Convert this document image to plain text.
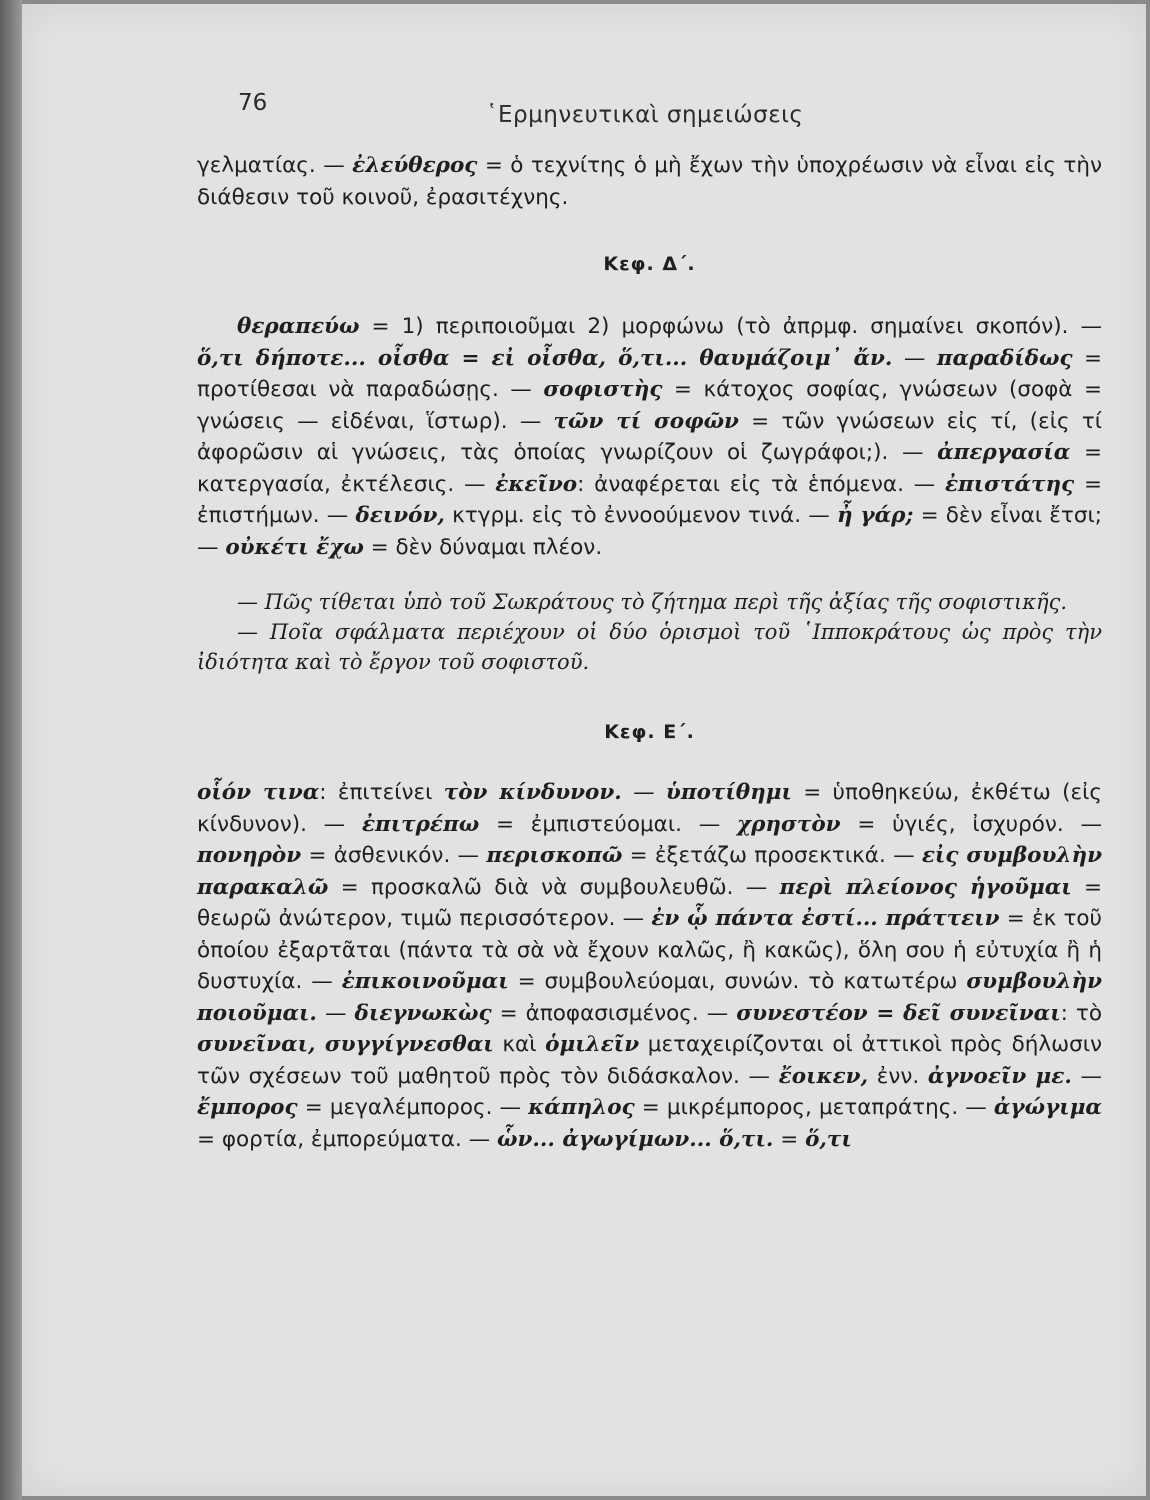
76	῾Ερμηνευτικαὶ σημειώσεις

γελματίας. — ἐλεύθερος = ὁ τεχνίτης ὁ μὴ ἔχων τὴν ὑποχρέωσιν νὰ εἶναι εἰς τὴν διάθεσιν τοῦ κοινοῦ, ἐρασιτέχνης.

Κεφ. Δ΄.

θεραπεύω = 1) περιποιοῦμαι 2) μορφώνω (τὸ ἀπρμφ. σημαίνει σκοπόν). — ὅ,τι δήποτε... οἶσθα = εἰ οἶσθα, ὅ,τι... θαυμάζοιμ᾽ ἄν. — παραδίδως = προτίθεσαι νὰ παραδώσῃς. — σοφιστὴς = κάτοχος σοφίας, γνώσεων (σοφὰ = γνώσεις — εἰδέναι, ἵστωρ). — τῶν τί σοφῶν = τῶν γνώσεων εἰς τί, (εἰς τί ἀφορῶσιν αἱ γνώσεις, τὰς ὁποίας γνωρίζουν οἱ ζωγράφοι;). — ἀπεργασία = κατεργασία, ἐκτέλεσις. — ἐκεῖνο: ἀναφέρεται εἰς τὰ ἑπόμενα. — ἐπιστάτης = ἐπιστήμων. — δεινόν, κτγρμ. εἰς τὸ ἐννοούμενον τινά. — ἦ γάρ; = δὲν εἶναι ἔτσι; — οὐκέτι ἔχω = δὲν δύναμαι πλέον.

— Πῶς τίθεται ὑπὸ τοῦ Σωκράτους τὸ ζήτημα περὶ τῆς ἀξίας τῆς σοφιστικῆς.

— Ποῖα σφάλματα περιέχουν οἱ δύο ὁρισμοὶ τοῦ ῾Ιπποκράτους ὡς πρὸς τὴν ἰδιότητα καὶ τὸ ἔργον τοῦ σοφιστοῦ.

Κεφ. Ε΄.

οἷόν τινα: ἐπιτείνει τὸν κίνδυνον. — ὑποτίθημι = ὑποθηκεύω, ἐκθέτω (εἰς κίνδυνον). — ἐπιτρέπω = ἐμπιστεύομαι. — χρηστὸν = ὑγιές, ἰσχυρόν. — πονηρὸν = ἀσθενικόν. — περισκοπῶ = ἐξετάζω προσεκτικά. — εἰς συμβουλὴν παρακαλῶ = προσκαλῶ διὰ νὰ συμβουλευθῶ. — περὶ πλείονος ἡγοῦμαι = θεωρῶ ἀνώτερον, τιμῶ περισσότερον. — ἐν ᾧ πάντα ἐστί... πράττειν = ἐκ τοῦ ὁποίου ἐξαρτᾶται (πάντα τὰ σὰ νὰ ἔχουν καλῶς, ἢ κακῶς), ὅλη σου ἡ εὐτυχία ἢ ἡ δυστυχία. — ἐπικοινοῦμαι = συμβουλεύομαι, συνών. τὸ κατωτέρω συμβουλὴν ποιοῦμαι. — διεγνωκὼς = ἀποφασισμένος. — συνεστέον = δεῖ συνεῖναι: τὸ συνεῖναι, συγγίγνεσθαι καὶ ὁμιλεῖν μεταχειρίζονται οἱ ἀττικοὶ πρὸς δήλωσιν τῶν σχέσεων τοῦ μαθητοῦ πρὸς τὸν διδάσκαλον. — ἔοικεν, ἐνν. ἀγνοεῖν με. — ἔμπορος = μεγαλέμπορος. — κάπηλος = μικρέμπορος, μεταπράτης. — ἀγώγιμα = φορτία, ἐμπορεύματα. — ὧν... ἀγωγίμων... ὅ,τι. = ὅ,τι
